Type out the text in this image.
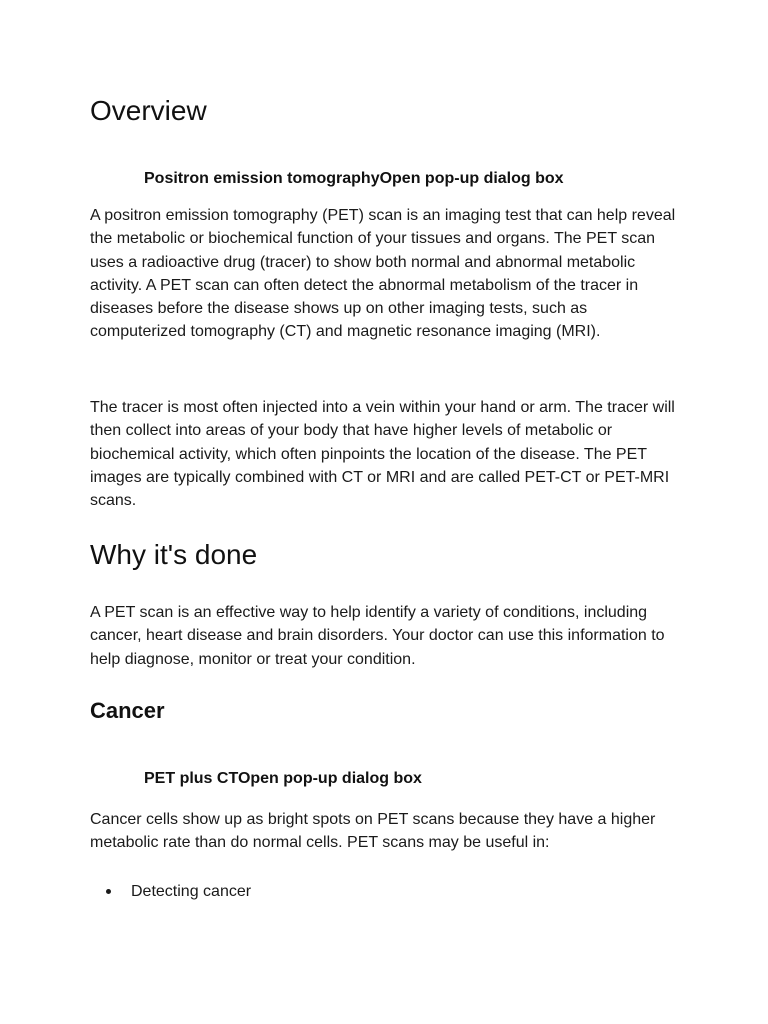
Overview

Positron emission tomographyOpen pop-up dialog box

A positron emission tomography (PET) scan is an imaging test that can help reveal the metabolic or biochemical function of your tissues and organs. The PET scan uses a radioactive drug (tracer) to show both normal and abnormal metabolic activity. A PET scan can often detect the abnormal metabolism of the tracer in diseases before the disease shows up on other imaging tests, such as computerized tomography (CT) and magnetic resonance imaging (MRI).

The tracer is most often injected into a vein within your hand or arm. The tracer will then collect into areas of your body that have higher levels of metabolic or biochemical activity, which often pinpoints the location of the disease. The PET images are typically combined with CT or MRI and are called PET-CT or PET-MRI scans.

Why it's done

A PET scan is an effective way to help identify a variety of conditions, including cancer, heart disease and brain disorders. Your doctor can use this information to help diagnose, monitor or treat your condition.

Cancer

PET plus CTOpen pop-up dialog box

Cancer cells show up as bright spots on PET scans because they have a higher metabolic rate than do normal cells. PET scans may be useful in:

Detecting cancer
